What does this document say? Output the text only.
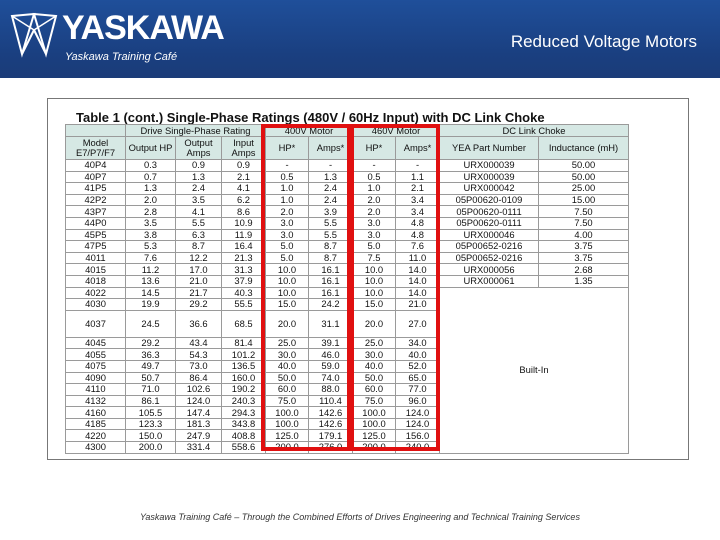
YASKAWA
Yaskawa Training Café
Reduced Voltage Motors
Table 1 (cont.) Single-Phase Ratings (480V / 60Hz Input) with DC Link Choke
	Drive Single-Phase Rating			400V Motor		460V Motor		DC Link Choke	
Model E7/P7/F7	Output HP	Output Amps	Input Amps	HP*	Amps*	HP*	Amps*	YEA Part Number	Inductance (mH)
40P4	0.3	0.9	0.9	-	-	-	-	URX000039	50.00
40P7	0.7	1.3	2.1	0.5	1.3	0.5	1.1	URX000039	50.00
41P5	1.3	2.4	4.1	1.0	2.4	1.0	2.1	URX000042	25.00
42P2	2.0	3.5	6.2	1.0	2.4	2.0	3.4	05P00620-0109	15.00
43P7	2.8	4.1	8.6	2.0	3.9	2.0	3.4	05P00620-0111	7.50
44P0	3.5	5.5	10.9	3.0	5.5	3.0	4.8	05P00620-0111	7.50
45P5	3.8	6.3	11.9	3.0	5.5	3.0	4.8	URX000046	4.00
47P5	5.3	8.7	16.4	5.0	8.7	5.0	7.6	05P00652-0216	3.75
4011	7.6	12.2	21.3	5.0	8.7	7.5	11.0	05P00652-0216	3.75
4015	11.2	17.0	31.3	10.0	16.1	10.0	14.0	URX000056	2.68
4018	13.6	21.0	37.9	10.0	16.1	10.0	14.0	URX000061	1.35
4022	14.5	21.7	40.3	10.0	16.1	10.0	14.0	Built-In	
4030	19.9	29.2	55.5	15.0	24.2	15.0	21.0		
4037	24.5	36.6	68.5	20.0	31.1	20.0	27.0		
4045	29.2	43.4	81.4	25.0	39.1	25.0	34.0		
4055	36.3	54.3	101.2	30.0	46.0	30.0	40.0		
4075	49.7	73.0	136.5	40.0	59.0	40.0	52.0		
4090	50.7	86.4	160.0	50.0	74.0	50.0	65.0		
4110	71.0	102.6	190.2	60.0	88.0	60.0	77.0		
4132	86.1	124.0	240.3	75.0	110.4	75.0	96.0		
4160	105.5	147.4	294.3	100.0	142.6	100.0	124.0		
4185	123.3	181.3	343.8	100.0	142.6	100.0	124.0		
4220	150.0	247.9	408.8	125.0	179.1	125.0	156.0		
4300	200.0	331.4	558.6	200.0	276.0	200.0	240.0		
Yaskawa Training Café – Through the Combined Efforts of Drives Engineering and Technical Training Services
